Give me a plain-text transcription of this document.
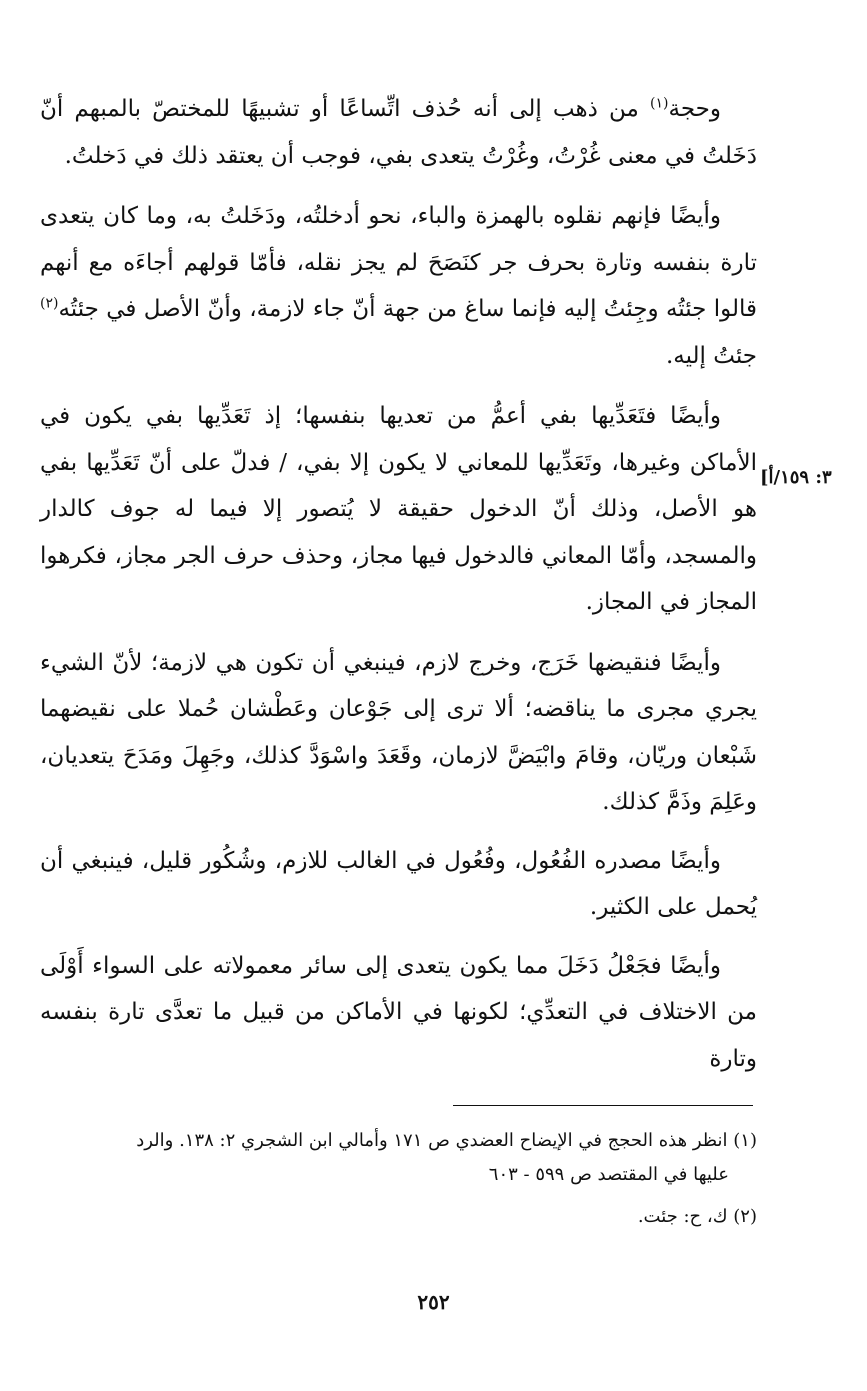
وحجة$^{(١)}$ من ذهب إلى أنه حُذف اتِّساعًا أو تشبيهًا للمختصّ بالمبهم أنّ دَخَلتُ في معنى غُرْتُ، وغُرْتُ يتعدى بفي، فوجب أن يعتقد ذلك في دَخلتُ.

وأيضًا فإنهم نقلوه بالهمزة والباء، نحو أدخلتُه، ودَخَلتُ به، وما كان يتعدى تارة بنفسه وتارة بحرف جر كنَصَحَ لم يجز نقله، فأمّا قولهم أجاءَه مع أنهم قالوا جئتُه وجِئتُ إليه فإنما ساغ من جهة أنّ جاء لازمة، وأنّ الأصل في جئتُه$^{(٢)}$ جئتُ إليه.

وأيضًا فتَعَدِّيها بفي أعمُّ من تعديها بنفسها؛ إذ تَعَدِّيها بفي يكون في الأماكن وغيرها، وتَعَدِّيها للمعاني لا يكون إلا بفي، / فدلّ على أنّ تَعَدِّيها بفي هو الأصل، وذلك أنّ الدخول حقيقة لا يُتصور إلا فيما له جوف كالدار والمسجد، وأمّا المعاني فالدخول فيها مجاز، وحذف حرف الجر مجاز، فكرهوا المجاز في المجاز.

وأيضًا فنقيضها خَرَج، وخرج لازم، فينبغي أن تكون هي لازمة؛ لأنّ الشيء يجري مجرى ما يناقضه؛ ألا ترى إلى جَوْعان وعَطْشان حُملا على نقيضهما شَبْعان وريّان، وقامَ وابْيَضَّ لازمان، وقَعَدَ واسْوَدَّ كذلك، وجَهِلَ ومَدَحَ يتعديان، وعَلِمَ وذَمَّ كذلك.

وأيضًا مصدره الفُعُول، وفُعُول في الغالب للازم، وشُكُور قليل، فينبغي أن يُحمل على الكثير.

وأيضًا فجَعْلُ دَخَلَ مما يكون يتعدى إلى سائر معمولاته على السواء أَوْلَى من الاختلاف في التعدِّي؛ لكونها في الأماكن من قبيل ما تعدَّى تارة بنفسه وتارة

٣: ١٥٩/أ]
(١) انظر هذه الحجج في الإيضاح العضدي ص ١٧١ وأمالي ابن الشجري ٢: ١٣٨. والرد
عليها في المقتصد ص ٥٩٩ - ٦٠٣
(٢) ك، ح: جئت.
٢٥٢
